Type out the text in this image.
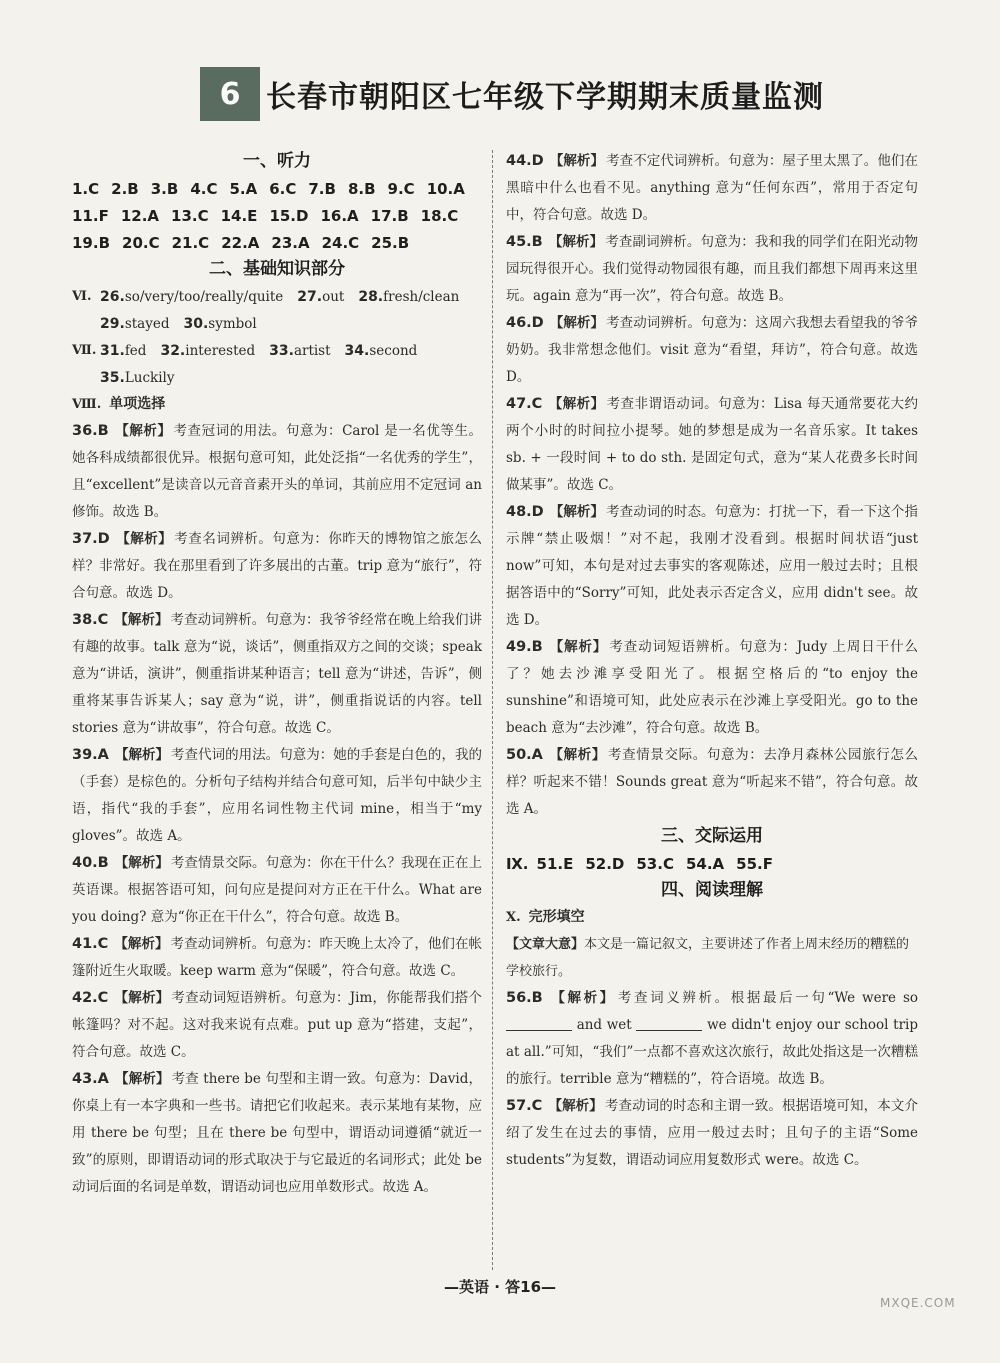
6 长春市朝阳区七年级下学期期末质量监测
一、听力
1.C 2.B 3.B 4.C 5.A 6.C 7.B 8.B 9.C 10.A
11.F 12.A 13.C 14.E 15.D 16.A 17.B 18.C
19.B 20.C 21.C 22.A 23.A 24.C 25.B
二、基础知识部分
Ⅵ. 26.so/very/too/really/quite 27.out 28.fresh/clean
29.stayed 30.symbol
Ⅶ. 31.fed 32.interested 33.artist 34.second
35.Luckily
Ⅷ. 单项选择
36.B 【解析】 考查冠词的用法。句意为：Carol 是一名优等生。她各科成绩都很优异。根据句意可知，此处泛指“一名优秀的学生”，且“excellent”是读音以元音音素开头的单词，其前应用不定冠词 an 修饰。故选 B。
37.D 【解析】 考查名词辨析。句意为：你昨天的博物馆之旅怎么样？非常好。我在那里看到了许多展出的古董。trip 意为“旅行”，符合句意。故选 D。
38.C 【解析】 考查动词辨析。句意为：我爷爷经常在晚上给我们讲有趣的故事。talk 意为“说，谈话”，侧重指双方之间的交谈；speak 意为“讲话，演讲”，侧重指讲某种语言；tell 意为“讲述，告诉”，侧重将某事告诉某人；say 意为“说，讲”，侧重指说话的内容。tell stories 意为“讲故事”，符合句意。故选 C。
39.A 【解析】 考查代词的用法。句意为：她的手套是白色的，我的（手套）是棕色的。分析句子结构并结合句意可知，后半句中缺少主语，指代“我的手套”，应用名词性物主代词 mine，相当于“my gloves”。故选 A。
40.B 【解析】 考查情景交际。句意为：你在干什么？我现在正在上英语课。根据答语可知，问句应是提问对方正在干什么。What are you doing? 意为“你正在干什么”，符合句意。故选 B。
41.C 【解析】 考查动词辨析。句意为：昨天晚上太冷了，他们在帐篷附近生火取暖。keep warm 意为“保暖”，符合句意。故选 C。
42.C 【解析】 考查动词短语辨析。句意为：Jim，你能帮我们搭个帐篷吗？对不起。这对我来说有点难。put up 意为“搭建，支起”，符合句意。故选 C。
43.A 【解析】 考查 there be 句型和主谓一致。句意为：David，你桌上有一本字典和一些书。请把它们收起来。表示某地有某物，应用 there be 句型；且在 there be 句型中，谓语动词遵循“就近一致”的原则，即谓语动词的形式取决于与它最近的名词形式；此处 be 动词后面的名词是单数，谓语动词也应用单数形式。故选 A。
44.D 【解析】 考查不定代词辨析。句意为：屋子里太黑了。他们在黑暗中什么也看不见。anything 意为“任何东西”，常用于否定句中，符合句意。故选 D。
45.B 【解析】 考查副词辨析。句意为：我和我的同学们在阳光动物园玩得很开心。我们觉得动物园很有趣，而且我们都想下周再来这里玩。again 意为“再一次”，符合句意。故选 B。
46.D 【解析】 考查动词辨析。句意为：这周六我想去看望我的爷爷奶奶。我非常想念他们。visit 意为“看望，拜访”，符合句意。故选 D。
47.C 【解析】 考查非谓语动词。句意为：Lisa 每天通常要花大约两个小时的时间拉小提琴。她的梦想是成为一名音乐家。It takes sb. + 一段时间 + to do sth. 是固定句式，意为“某人花费多长时间做某事”。故选 C。
48.D 【解析】 考查动词的时态。句意为：打扰一下，看一下这个指示牌“禁止吸烟！”对不起，我刚才没看到。根据时间状语“just now”可知，本句是对过去事实的客观陈述，应用一般过去时；且根据答语中的“Sorry”可知，此处表示否定含义，应用 didn't see。故选 D。
49.B 【解析】 考查动词短语辨析。句意为：Judy 上周日干什么了？她去沙滩享受阳光了。根据空格后的“to enjoy the sunshine”和语境可知，此处应表示在沙滩上享受阳光。go to the beach 意为“去沙滩”，符合句意。故选 B。
50.A 【解析】 考查情景交际。句意为：去净月森林公园旅行怎么样？听起来不错！Sounds great 意为“听起来不错”，符合句意。故选 A。
三、交际运用
Ⅸ. 51.E 52.D 53.C 54.A 55.F
四、阅读理解
Ⅹ. 完形填空
【文章大意】本文是一篇记叙文，主要讲述了作者上周末经历的糟糕的学校旅行。
56.B 【解析】 考查词义辨析。根据最后一句“We were so  and wet	we didn't enjoy our school trip at all.”可知，“我们”一点都不喜欢这次旅行，故此处指这是一次糟糕的旅行。terrible 意为“糟糕的”，符合语境。故选 B。
57.C 【解析】 考查动词的时态和主谓一致。根据语境可知，本文介绍了发生在过去的事情，应用一般过去时；且句子的主语“Some students”为复数，谓语动词应用复数形式 were。故选 C。
—英语 · 答16—
MXQE.COM
